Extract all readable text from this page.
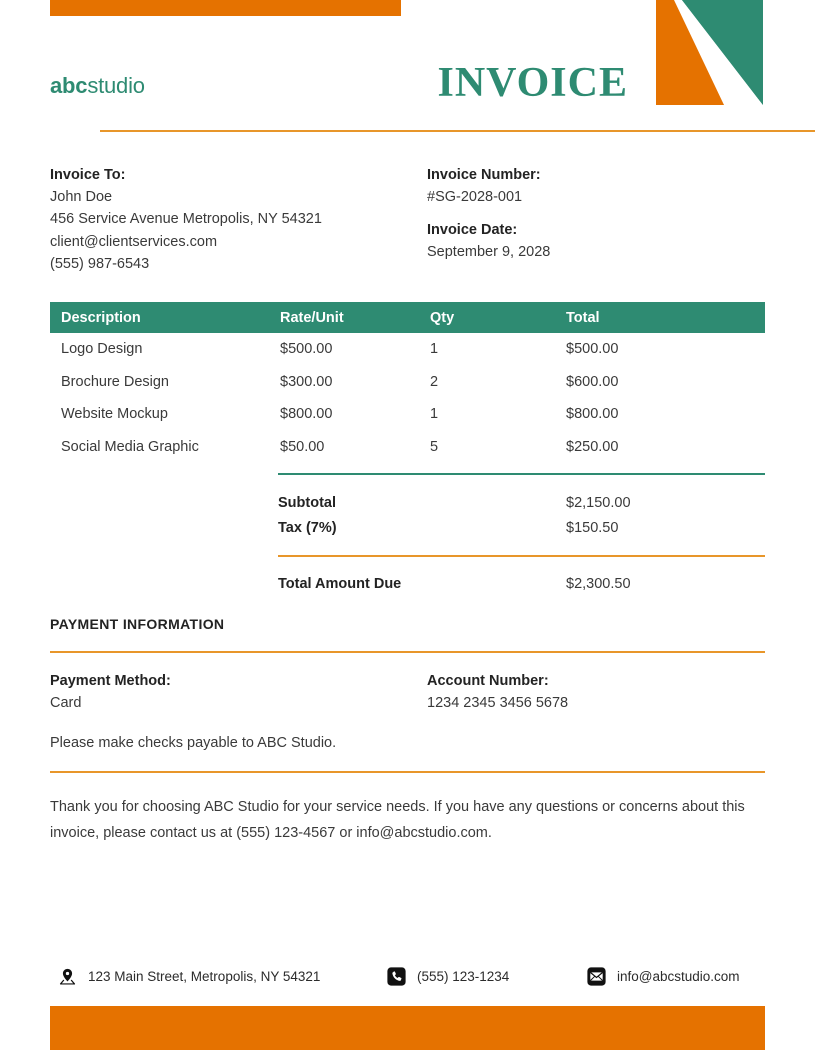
abcstudio	INVOICE
Invoice To:
John Doe
456 Service Avenue Metropolis, NY 54321
client@clientservices.com
(555) 987-6543
Invoice Number:
#SG-2028-001
Invoice Date:
September 9, 2028
Description	Rate/Unit	Qty	Total
Logo Design	$500.00	1	$500.00
Brochure Design	$300.00	2	$600.00
Website Mockup	$800.00	1	$800.00
Social Media Graphic	$50.00	5	$250.00
Subtotal	$2,150.00
Tax (7%)	$150.50
Total Amount Due	$2,300.50
PAYMENT INFORMATION
Payment Method:
Card
Account Number:
1234 2345 3456 5678
Please make checks payable to ABC Studio.
Thank you for choosing ABC Studio for your service needs. If you have any questions or concerns about this invoice, please contact us at (555) 123-4567 or info@abcstudio.com.
123 Main Street, Metropolis, NY 54321	(555) 123-1234	info@abcstudio.com
